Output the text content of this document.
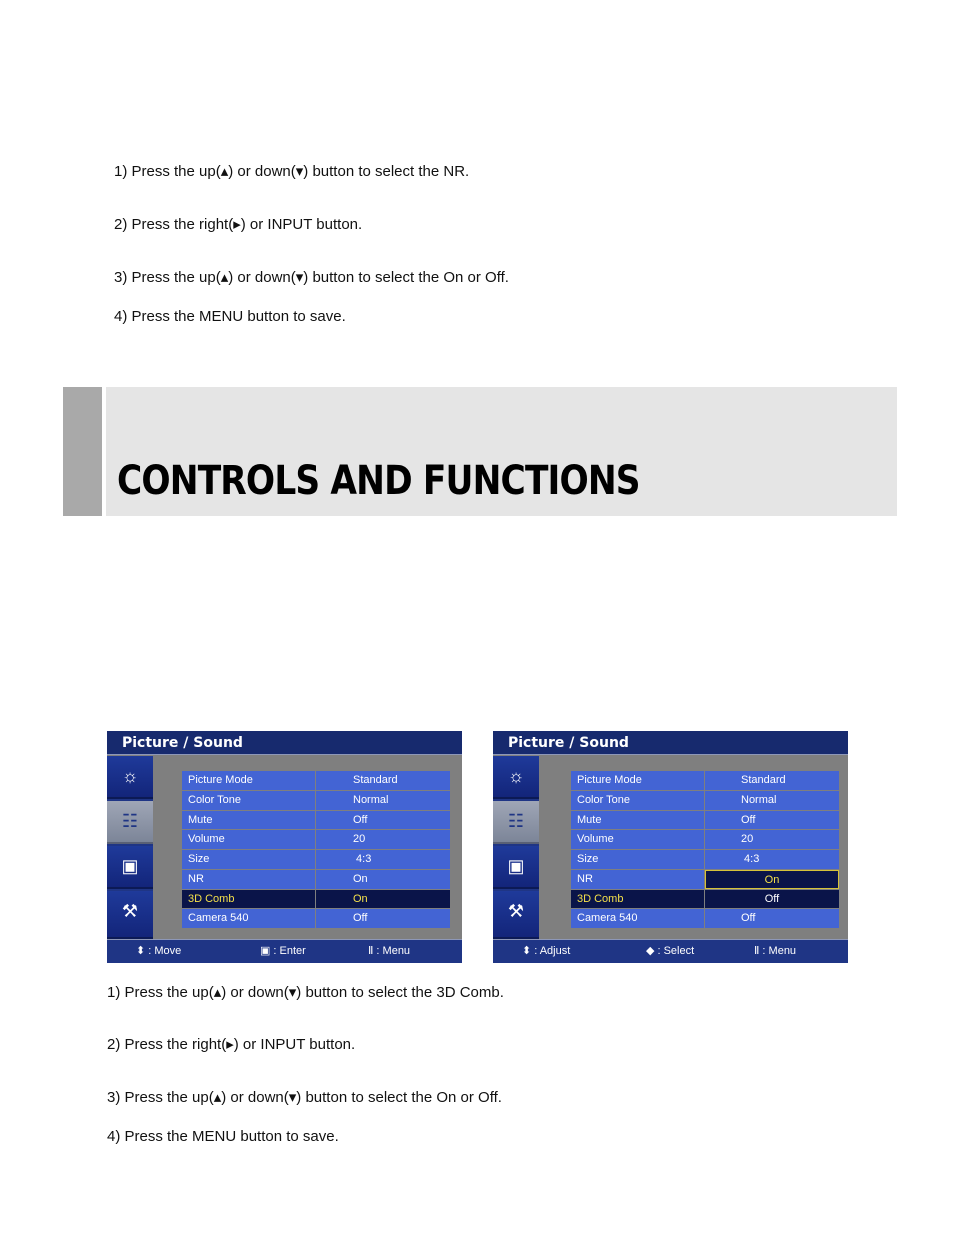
1) Press the up(▴) or down(▾) button to select the NR.
2) Press the right(▸) or INPUT button.
3) Press the up(▴) or down(▾) button to select the On or Off.
4) Press the MENU button to save.
CONTROLS AND FUNCTIONS
Picture / Sound
☼
☷
▣
⚒
Picture Mode	Standard
Color Tone	Normal
Mute	Off
Volume	20
Size	4:3
NR	On
3D Comb	On
Camera 540	Off
⬍ : Move	▣ : Enter	Ⅱ : Menu
Picture / Sound
☼
☷
▣
⚒
Picture Mode	Standard
Color Tone	Normal
Mute	Off
Volume	20
Size	4:3
NR	On
3D Comb	Off
Camera 540	Off
⬍ : Adjust	◆ : Select	Ⅱ : Menu
1) Press the up(▴) or down(▾) button to select the 3D Comb.
2) Press the right(▸) or INPUT button.
3) Press the up(▴) or down(▾) button to select the On or Off.
4) Press the MENU button to save.
